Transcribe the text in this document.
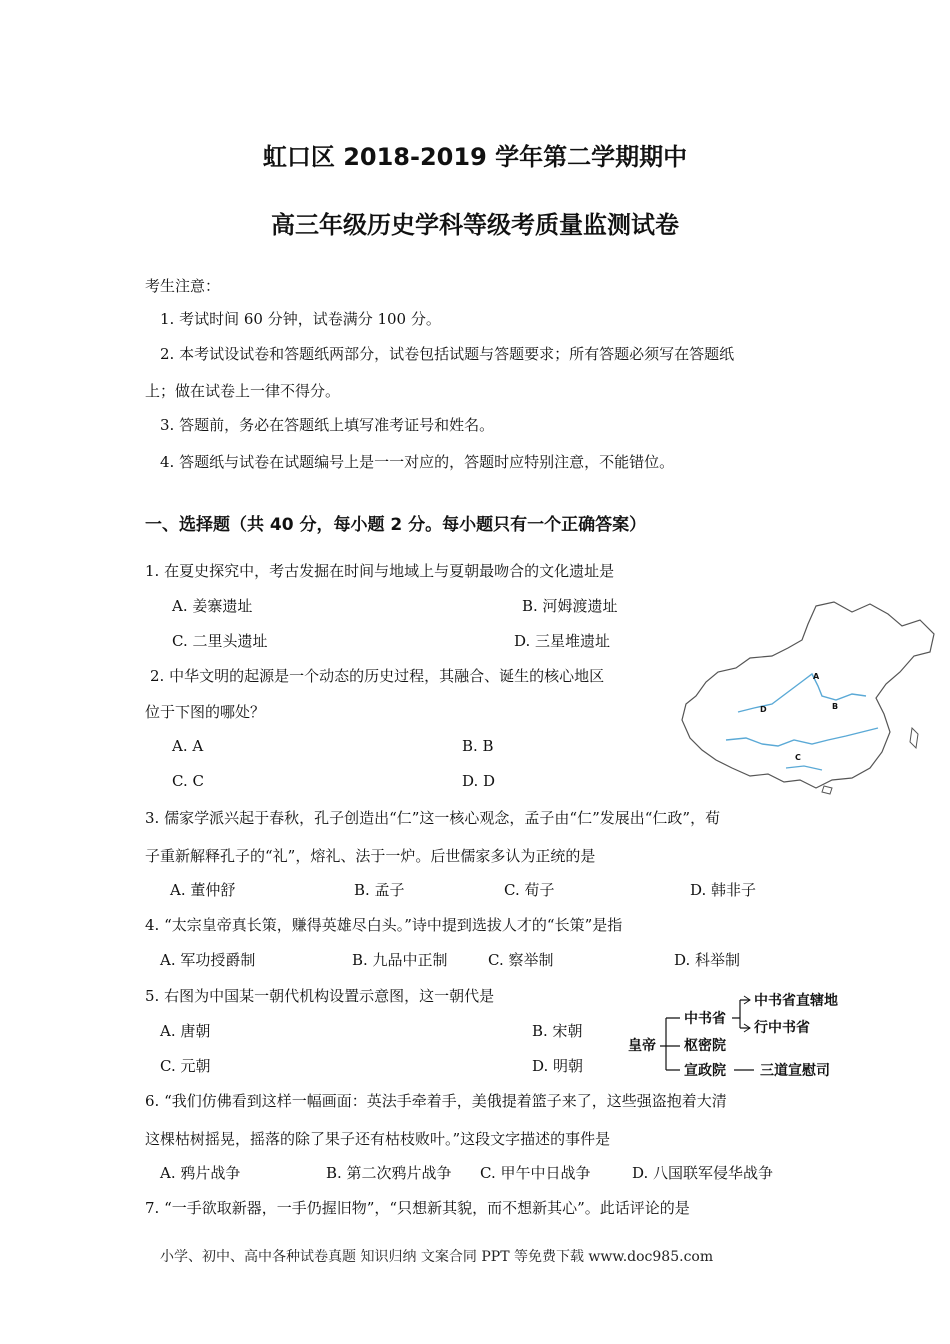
虹口区 2018-2019 学年第二学期期中
高三年级历史学科等级考质量监测试卷
考生注意：
1. 考试时间 60 分钟，试卷满分 100 分。
2. 本考试设试卷和答题纸两部分，试卷包括试题与答题要求；所有答题必须写在答题纸
上；做在试卷上一律不得分。
3. 答题前，务必在答题纸上填写准考证号和姓名。
4. 答题纸与试卷在试题编号上是一一对应的，答题时应特别注意，不能错位。
一、选择题（共 40 分，每小题 2 分。每小题只有一个正确答案）
1. 在夏史探究中，考古发掘在时间与地域上与夏朝最吻合的文化遗址是
A. 姜寨遗址	B. 河姆渡遗址
C. 二里头遗址	D. 三星堆遗址
2. 中华文明的起源是一个动态的历史过程，其融合、诞生的核心地区
位于下图的哪处？
A. A	B. B
C. C	D. D
A
B
C
D
3. 儒家学派兴起于春秋，孔子创造出“仁”这一核心观念，孟子由“仁”发展出“仁政”，荀
子重新解释孔子的“礼”，熔礼、法于一炉。后世儒家多认为正统的是
A. 董仲舒	B. 孟子	C. 荀子	D. 韩非子
4. “太宗皇帝真长策，赚得英雄尽白头。”诗中提到选拔人才的“长策”是指
A. 军功授爵制	B. 九品中正制	C. 察举制	D. 科举制
5. 右图为中国某一朝代机构设置示意图，这一朝代是
A. 唐朝	B. 宋朝
C. 元朝	D. 明朝
皇帝
中书省
枢密院
宣政院
中书省直辖地
行中书省
三道宣慰司
6. “我们仿佛看到这样一幅画面：英法手牵着手，美俄提着篮子来了，这些强盗抱着大清
这棵枯树摇晃，摇落的除了果子还有枯枝败叶。”这段文字描述的事件是
A. 鸦片战争	B. 第二次鸦片战争 C. 甲午中日战争	D. 八国联军侵华战争
7. “一手欲取新器，一手仍握旧物”，“只想新其貌，而不想新其心”。此话评论的是
小学、初中、高中各种试卷真题 知识归纳 文案合同 PPT 等免费下载 www.doc985.com
